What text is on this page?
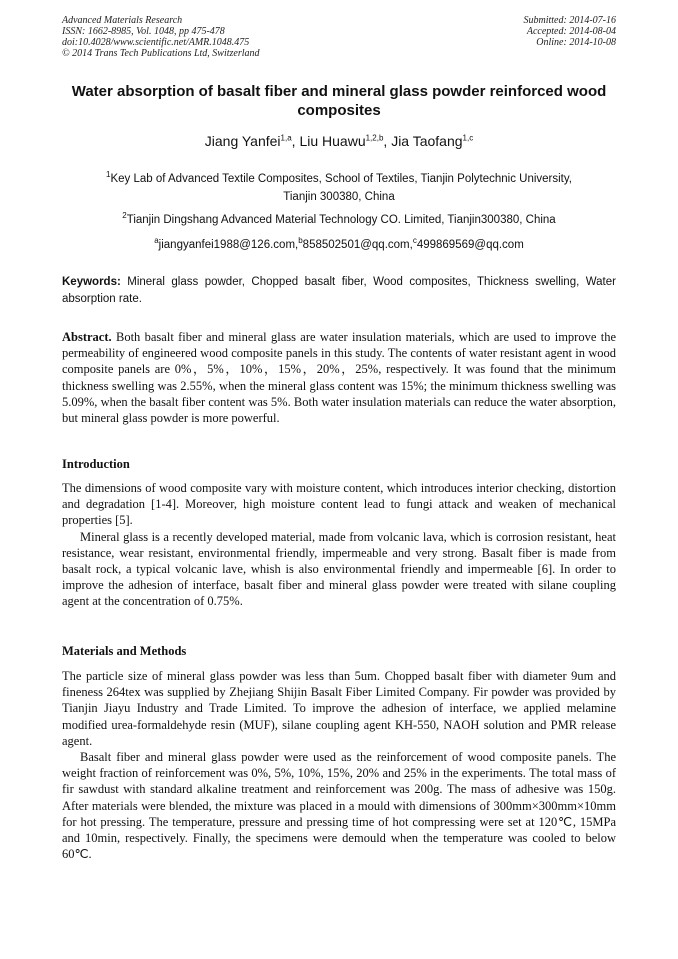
Advanced Materials Research
ISSN: 1662-8985, Vol. 1048, pp 475-478
doi:10.4028/www.scientific.net/AMR.1048.475
© 2014 Trans Tech Publications Ltd, Switzerland
Submitted: 2014-07-16
Accepted: 2014-08-04
Online: 2014-10-08
Water absorption of basalt fiber and mineral glass powder reinforced wood composites
Jiang Yanfei$^{1,a}$, Liu Huawu$^{1,2,b}$, Jia Taofang$^{1,c}$
$^1$Key Lab of Advanced Textile Composites, School of Textiles, Tianjin Polytechnic University,
Tianjin 300380, China
$^2$Tianjin Dingshang Advanced Material Technology CO. Limited, Tianjin300380, China
$^a$jiangyanfei1988@126.com,$^b$858502501@qq.com,$^c$499869569@qq.com
Keywords: Mineral glass powder, Chopped basalt fiber, Wood composites, Thickness swelling, Water absorption rate.

Abstract. Both basalt fiber and mineral glass are water insulation materials, which are used to improve the permeability of engineered wood composite panels in this study. The contents of water resistant agent in wood composite panels are 0%，5%，10%，15%，20%，25%, respectively. It was found that the minimum thickness swelling was 2.55%, when the mineral glass content was 15%; the minimum thickness swelling was 5.09%, when the basalt fiber content was 5%. Both water insulation materials can reduce the water absorption, but mineral glass powder is more powerful.

Introduction

The dimensions of wood composite vary with moisture content, which introduces interior checking, distortion and degradation [1-4]. Moreover, high moisture content lead to fungi attack and weaken of mechanical properties [5].

Mineral glass is a recently developed material, made from volcanic lava, which is corrosion resistant, heat resistance, wear resistant, environmental friendly, impermeable and very strong. Basalt fiber is made from basalt rock, a typical volcanic lave, whish is also environmental friendly and impermeable [6]. In order to improve the adhesion of interface, basalt fiber and mineral glass powder were treated with silane coupling agent at the concentration of 0.75%.

Materials and Methods

The particle size of mineral glass powder was less than 5um. Chopped basalt fiber with diameter 9um and fineness 264tex was supplied by Zhejiang Shijin Basalt Fiber Limited Company. Fir powder was provided by Tianjin Jiayu Industry and Trade Limited. To improve the adhesion of interface, we applied melamine modified urea-formaldehyde resin (MUF), silane coupling agent KH-550, NAOH solution and PMR release agent.

Basalt fiber and mineral glass powder were used as the reinforcement of wood composite panels. The weight fraction of reinforcement was 0%, 5%, 10%, 15%, 20% and 25% in the experiments. The total mass of fir sawdust with standard alkaline treatment and reinforcement was 200g. The mass of adhesive was 150g. After materials were blended, the mixture was placed in a mould with dimensions of 300mm×300mm×10mm for hot pressing. The temperature, pressure and pressing time of hot compressing were set at 120℃, 15MPa and 10min, respectively. Finally, the specimens were demould when the temperature was cooled to below 60℃.
